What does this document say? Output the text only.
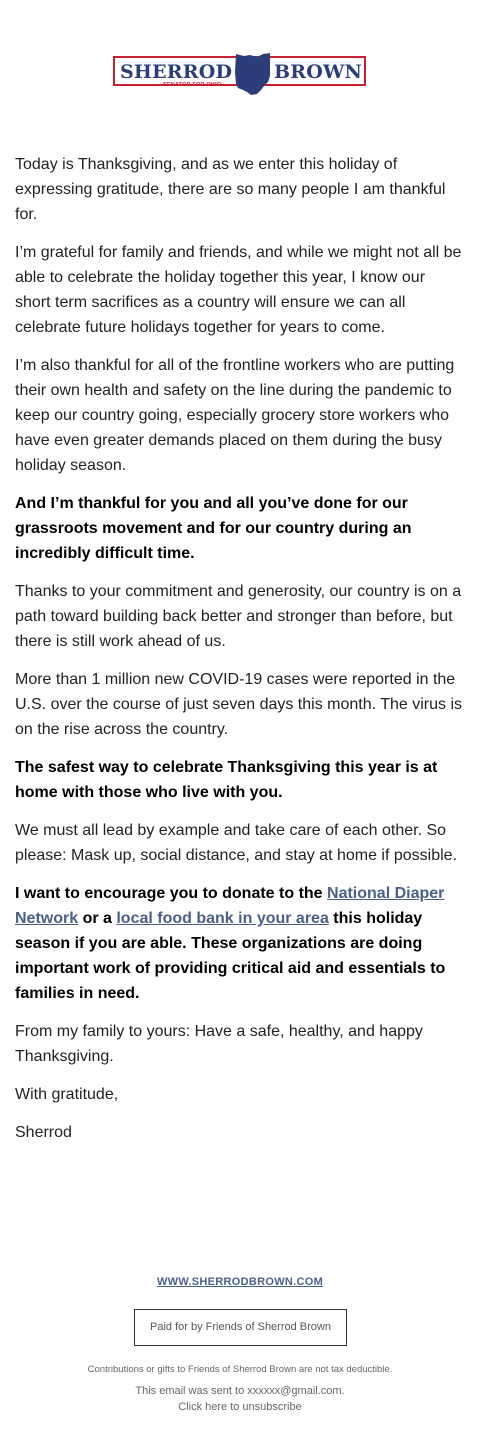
SHERROD BROWN
SENATOR FOR OHIO

Today is Thanksgiving, and as we enter this holiday of expressing gratitude, there are so many people I am thankful for.

I’m grateful for family and friends, and while we might not all be able to celebrate the holiday together this year, I know our short term sacrifices as a country will ensure we can all celebrate future holidays together for years to come.

I’m also thankful for all of the frontline workers who are putting their own health and safety on the line during the pandemic to keep our country going, especially grocery store workers who have even greater demands placed on them during the busy holiday season.

And I’m thankful for you and all you’ve done for our grassroots movement and for our country during an incredibly difficult time.

Thanks to your commitment and generosity, our country is on a path toward building back better and stronger than before, but there is still work ahead of us.

More than 1 million new COVID-19 cases were reported in the U.S. over the course of just seven days this month. The virus is on the rise across the country.

The safest way to celebrate Thanksgiving this year is at home with those who live with you.

We must all lead by example and take care of each other. So please: Mask up, social distance, and stay at home if possible.

I want to encourage you to donate to the National Diaper Network or a local food bank in your area this holiday season if you are able. These organizations are doing important work of providing critical aid and essentials to families in need.

From my family to yours: Have a safe, healthy, and happy Thanksgiving.

With gratitude,

Sherrod

WWW.SHERRODBROWN.COM
Paid for by Friends of Sherrod Brown
Contributions or gifts to Friends of Sherrod Brown are not tax deductible.
This email was sent to xxxxxx@gmail.com.
Click here to unsubscribe
